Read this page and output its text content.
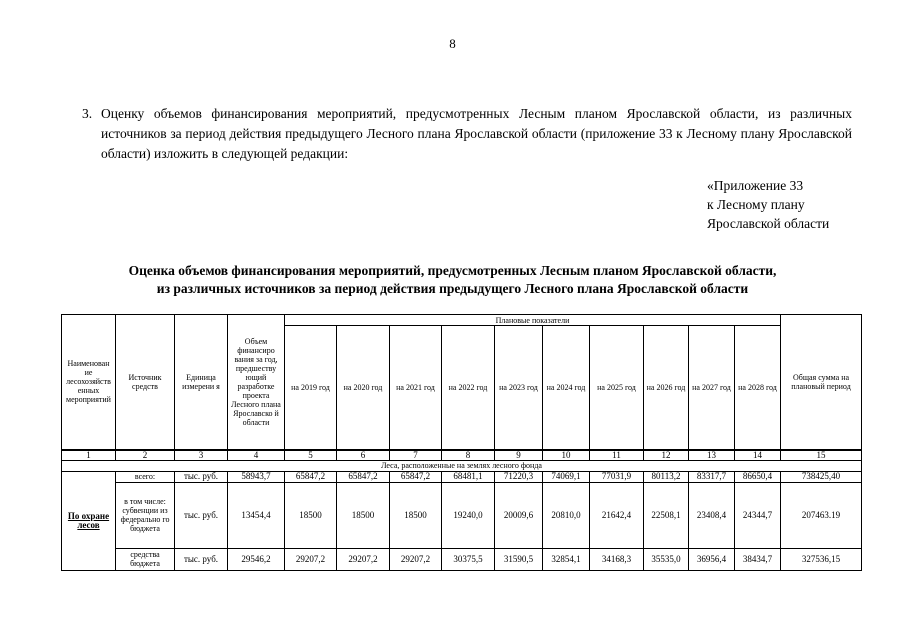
8
3. Оценку объемов финансирования мероприятий, предусмотренных Лесным планом Ярославской области, из различных источников за период действия предыдущего Лесного плана Ярославской области (приложение 33 к Лесному плану Ярославской области) изложить в следующей редакции:
«Приложение 33
к Лесному плану
Ярославской области
Оценка объемов финансирования мероприятий, предусмотренных Лесным планом Ярославской области,
из различных источников за период действия предыдущего Лесного плана Ярославской области
Наименован ие лесохозяйств енных мероприятий	Источник средств	Единица измерени я	Объем финансиро вания за год, предшеству ющий разработке проекта Лесного плана Ярославско й области	Плановые показатели										Общая сумма на плановый период
				на 2019 год	на 2020 год	на 2021 год	на 2022 год	на 2023 год	на 2024 год	на 2025 год	на 2026 год	на 2027 год	на 2028 год	
1	2	3	4	5	6	7	8	9	10	11	12	13	14	15
Леса, расположенные на землях лесного фонда														
По охране лесов	всего:	тыс. руб.	58943,7	65847,2	65847,2	65847,2	68481,1	71220,3	74069,1	77031,9	80113,2	83317,7	86650,4	738425,40
	в том числе: субвенции из федерально го бюджета	тыс. руб.	13454,4	18500	18500	18500	19240,0	20009,6	20810,0	21642,4	22508,1	23408,4	24344,7	207463.19
	средства бюджета	тыс. руб.	29546,2	29207,2	29207,2	29207,2	30375,5	31590,5	32854,1	34168,3	35535,0	36956,4	38434,7	327536,15
